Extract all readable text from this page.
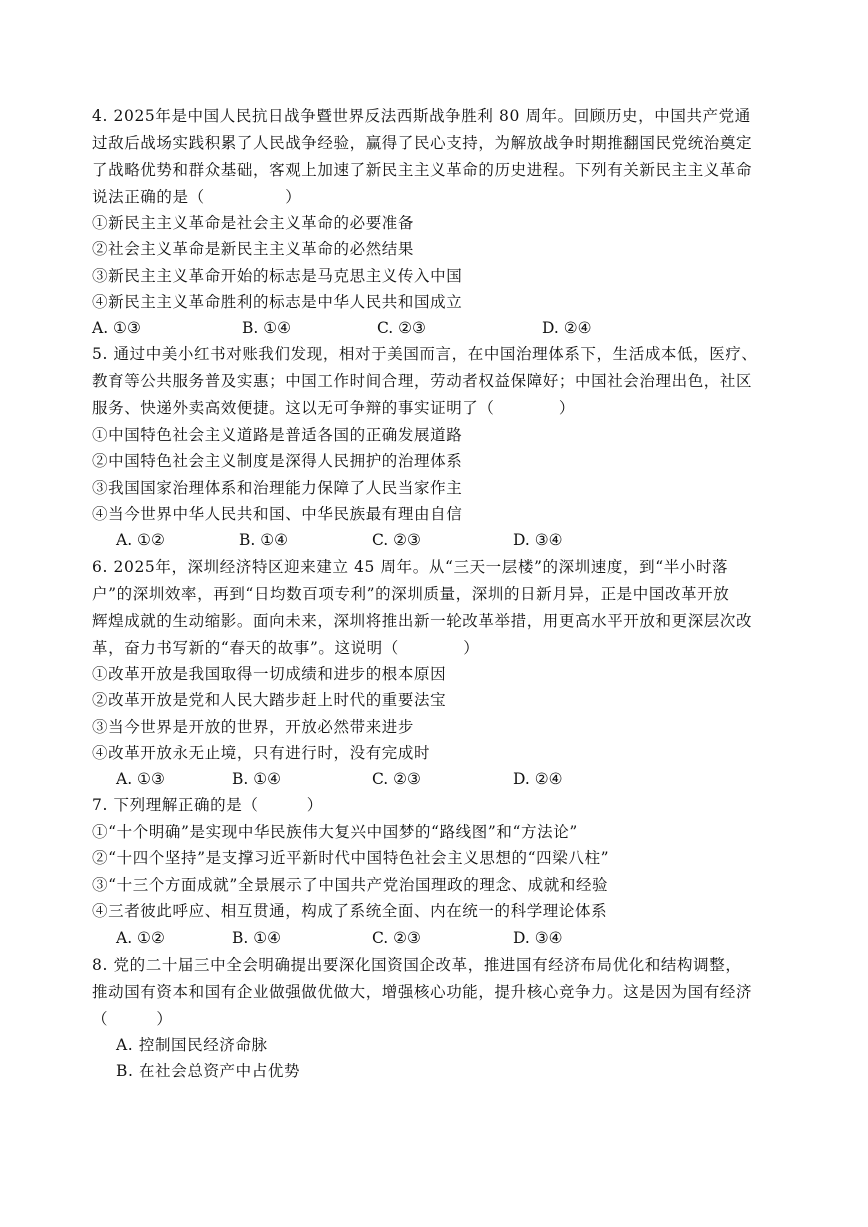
4. 2025年是中国人民抗日战争暨世界反法西斯战争胜利 80 周年。回顾历史，中国共产党通
过敌后战场实践积累了人民战争经验，赢得了民心支持，为解放战争时期推翻国民党统治奠定
了战略优势和群众基础，客观上加速了新民主主义革命的历史进程。下列有关新民主主义革命
说法正确的是（　　　　　）
①新民主主义革命是社会主义革命的必要准备
②社会主义革命是新民主主义革命的必然结果
③新民主主义革命开始的标志是马克思主义传入中国
④新民主主义革命胜利的标志是中华人民共和国成立
A. ①③	B. ①④	C. ②③	D. ②④
5. 通过中美小红书对账我们发现，相对于美国而言，在中国治理体系下，生活成本低，医疗、
教育等公共服务普及实惠；中国工作时间合理，劳动者权益保障好；中国社会治理出色，社区
服务、快递外卖高效便捷。这以无可争辩的事实证明了（　　　　）
①中国特色社会主义道路是普适各国的正确发展道路
②中国特色社会主义制度是深得人民拥护的治理体系
③我国国家治理体系和治理能力保障了人民当家作主
④当今世界中华人民共和国、中华民族最有理由自信
A. ①②	B. ①④	C. ②③	D. ③④
6. 2025年，深圳经济特区迎来建立 45 周年。从“三天一层楼”的深圳速度，到“半小时落
户”的深圳效率，再到“日均数百项专利”的深圳质量，深圳的日新月异，正是中国改革开放
辉煌成就的生动缩影。面向未来，深圳将推出新一轮改革举措，用更高水平开放和更深层次改
革，奋力书写新的“春天的故事”。这说明（　　　　）
①改革开放是我国取得一切成绩和进步的根本原因
②改革开放是党和人民大踏步赶上时代的重要法宝
③当今世界是开放的世界，开放必然带来进步
④改革开放永无止境，只有进行时，没有完成时
A. ①③	B. ①④	C. ②③	D. ②④
7. 下列理解正确的是（　　　）
①“十个明确”是实现中华民族伟大复兴中国梦的“路线图”和“方法论”
②“十四个坚持”是支撑习近平新时代中国特色社会主义思想的“四梁八柱”
③“十三个方面成就”全景展示了中国共产党治国理政的理念、成就和经验
④三者彼此呼应、相互贯通，构成了系统全面、内在统一的科学理论体系
A. ①②	B. ①④	C. ②③	D. ③④
8. 党的二十届三中全会明确提出要深化国资国企改革，推进国有经济布局优化和结构调整，
推动国有资本和国有企业做强做优做大，增强核心功能，提升核心竞争力。这是因为国有经济
（　　　）
A. 控制国民经济命脉
B. 在社会总资产中占优势
